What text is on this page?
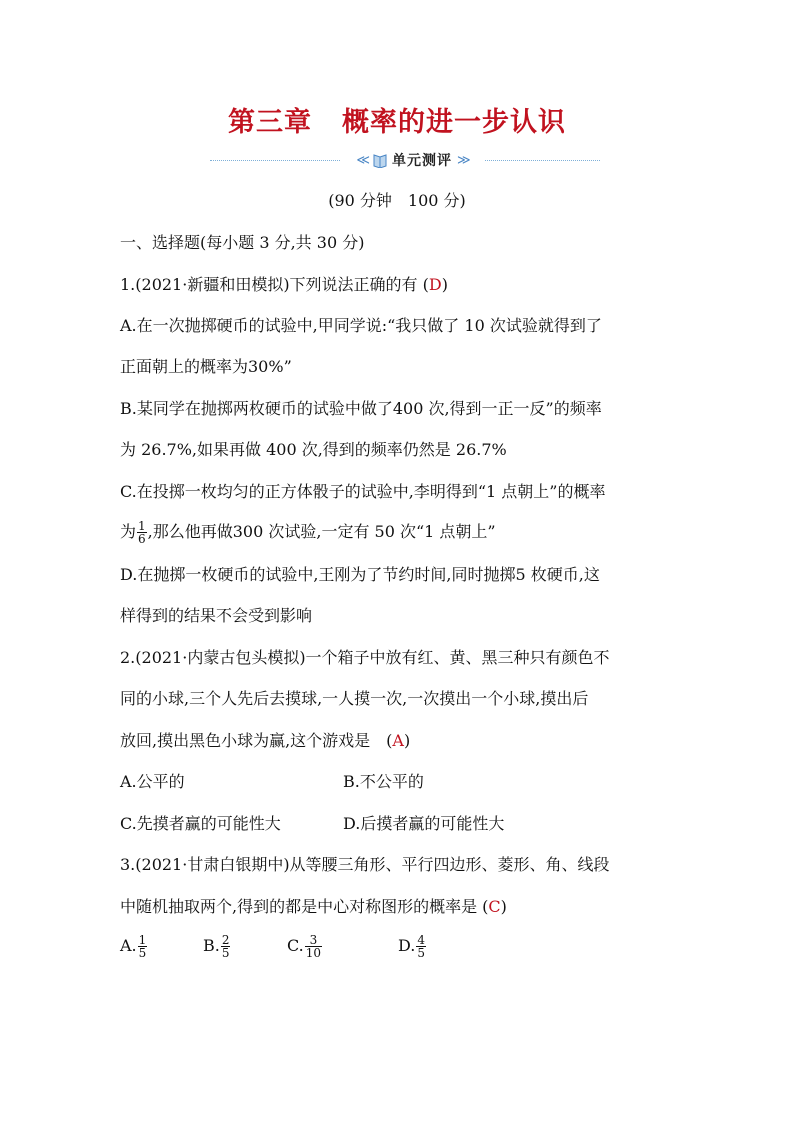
第三章 概率的进一步认识
≪ 单元测评 ≫
(90 分钟　100 分)
一、选择题(每小题 3 分,共 30 分)
1.(2021·新疆和田模拟)下列说法正确的有 (D)
A.在一次抛掷硬币的试验中,甲同学说:“我只做了 10 次试验就得到了
正面朝上的概率为30%”
B.某同学在抛掷两枚硬币的试验中做了400 次,得到一正一反”的频率
为 26.7%,如果再做 400 次,得到的频率仍然是 26.7%
C.在投掷一枚均匀的正方体骰子的试验中,李明得到“1 点朝上”的概率
为 $\frac{1}{6}$ ,那么他再做300 次试验,一定有 50 次“1 点朝上”
D.在抛掷一枚硬币的试验中,王刚为了节约时间,同时抛掷5 枚硬币,这
样得到的结果不会受到影响
2.(2021·内蒙古包头模拟)一个箱子中放有红、黄、黑三种只有颜色不
同的小球,三个人先后去摸球,一人摸一次,一次摸出一个小球,摸出后
放回,摸出黑色小球为赢,这个游戏是　(A)
A.公平的	B.不公平的
C.先摸者赢的可能性大	D.后摸者赢的可能性大
3.(2021·甘肃白银期中)从等腰三角形、平行四边形、菱形、角、线段
中随机抽取两个,得到的都是中心对称图形的概率是 (C)
A. $\frac{1}{5}$	B. $\frac{2}{5}$	C. $\frac{3}{10}$	D. $\frac{4}{5}$
